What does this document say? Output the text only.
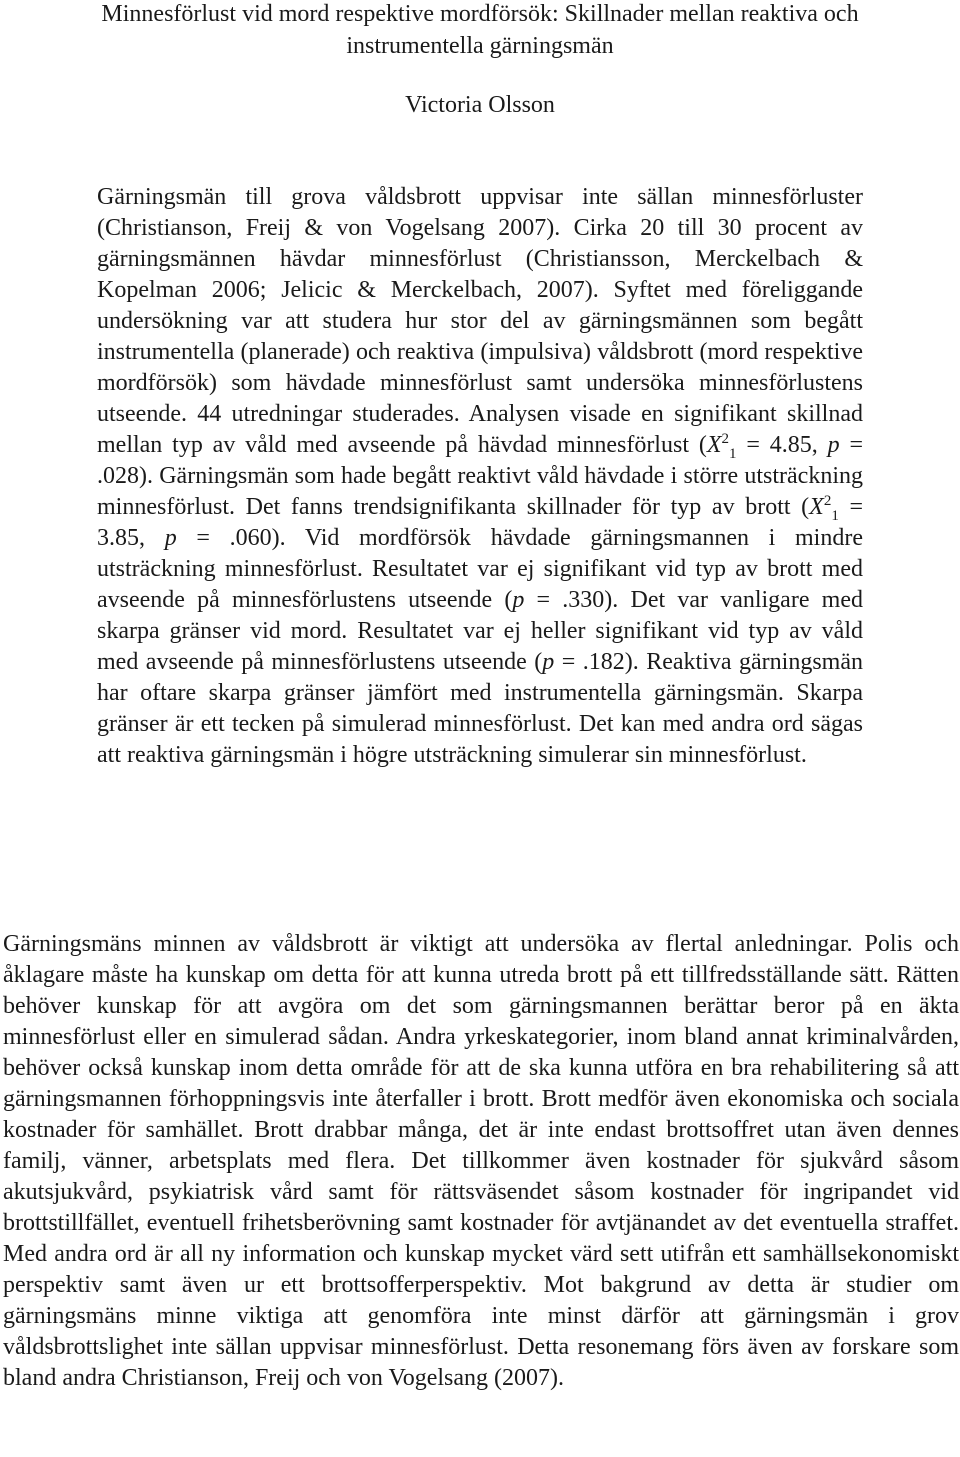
Minnesförlust vid mord respektive mordförsök: Skillnader mellan reaktiva och instrumentella gärningsmän

Victoria Olsson

Gärningsmän till grova våldsbrott uppvisar inte sällan minnesförluster (Christianson, Freij & von Vogelsang 2007). Cirka 20 till 30 procent av gärningsmännen hävdar minnesförlust (Christiansson, Merckelbach & Kopelman 2006; Jelicic & Merckelbach, 2007). Syftet med föreliggande undersökning var att studera hur stor del av gärningsmännen som begått instrumentella (planerade) och reaktiva (impulsiva) våldsbrott (mord respektive mordförsök) som hävdade minnesförlust samt undersöka minnesförlustens utseende. 44 utredningar studerades. Analysen visade en signifikant skillnad mellan typ av våld med avseende på hävdad minnesförlust ($X^2_1 = 4.85$, p = .028). Gärningsmän som hade begått reaktivt våld hävdade i större utsträckning minnesförlust. Det fanns trendsignifikanta skillnader för typ av brott ($X^2_1 = 3.85$, p = .060). Vid mordförsök hävdade gärningsmannen i mindre utsträckning minnesförlust. Resultatet var ej signifikant vid typ av brott med avseende på minnesförlustens utseende (p = .330). Det var vanligare med skarpa gränser vid mord. Resultatet var ej heller signifikant vid typ av våld med avseende på minnesförlustens utseende (p = .182). Reaktiva gärningsmän har oftare skarpa gränser jämfört med instrumentella gärningsmän. Skarpa gränser är ett tecken på simulerad minnesförlust. Det kan med andra ord sägas att reaktiva gärningsmän i högre utsträckning simulerar sin minnesförlust.

Gärningsmäns minnen av våldsbrott är viktigt att undersöka av flertal anledningar. Polis och åklagare måste ha kunskap om detta för att kunna utreda brott på ett tillfredsställande sätt. Rätten behöver kunskap för att avgöra om det som gärningsmannen berättar beror på en äkta minnesförlust eller en simulerad sådan. Andra yrkeskategorier, inom bland annat kriminalvården, behöver också kunskap inom detta område för att de ska kunna utföra en bra rehabilitering så att gärningsmannen förhoppningsvis inte återfaller i brott. Brott medför även ekonomiska och sociala kostnader för samhället. Brott drabbar många, det är inte endast brottsoffret utan även dennes familj, vänner, arbetsplats med flera. Det tillkommer även kostnader för sjukvård såsom akutsjukvård, psykiatrisk vård samt för rättsväsendet såsom kostnader för ingripandet vid brottstillfället, eventuell frihetsberövning samt kostnader för avtjänandet av det eventuella straffet. Med andra ord är all ny information och kunskap mycket värd sett utifrån ett samhällsekonomiskt perspektiv samt även ur ett brottsofferperspektiv. Mot bakgrund av detta är studier om gärningsmäns minne viktiga att genomföra inte minst därför att gärningsmän i grov våldsbrottslighet inte sällan uppvisar minnesförlust. Detta resonemang förs även av forskare som bland andra Christianson, Freij och von Vogelsang (2007).
